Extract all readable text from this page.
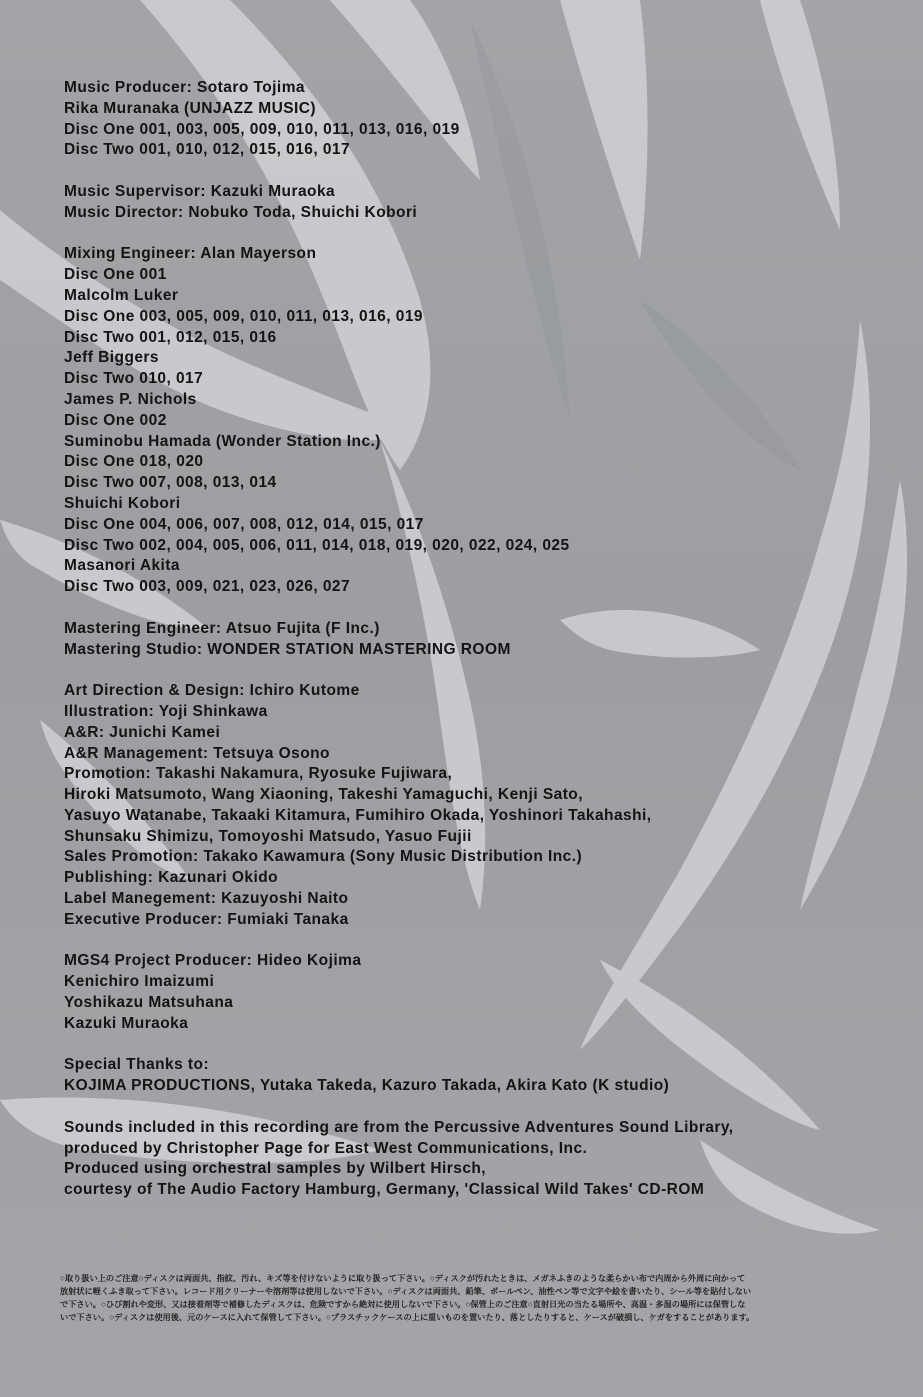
Music Producer: Sotaro Tojima
Rika Muranaka (UNJAZZ MUSIC)
Disc One 001, 003, 005, 009, 010, 011, 013, 016, 019
Disc Two 001, 010, 012, 015, 016, 017
Music Supervisor: Kazuki Muraoka
Music Director: Nobuko Toda, Shuichi Kobori
Mixing Engineer: Alan Mayerson
Disc One 001
Malcolm Luker
Disc One 003, 005, 009, 010, 011, 013, 016, 019
Disc Two 001, 012, 015, 016
Jeff Biggers
Disc Two 010, 017
James P. Nichols
Disc One 002
Suminobu Hamada (Wonder Station Inc.)
Disc One 018, 020
Disc Two 007, 008, 013, 014
Shuichi Kobori
Disc One 004, 006, 007, 008, 012, 014, 015, 017
Disc Two 002, 004, 005, 006, 011, 014, 018, 019, 020, 022, 024, 025
Masanori Akita
Disc Two 003, 009, 021, 023, 026, 027
Mastering Engineer: Atsuo Fujita (F Inc.)
Mastering Studio: WONDER STATION MASTERING ROOM
Art Direction & Design: Ichiro Kutome
Illustration: Yoji Shinkawa
A&R: Junichi Kamei
A&R Management: Tetsuya Osono
Promotion: Takashi Nakamura, Ryosuke Fujiwara,
Hiroki Matsumoto, Wang Xiaoning, Takeshi Yamaguchi, Kenji Sato,
Yasuyo Watanabe, Takaaki Kitamura, Fumihiro Okada, Yoshinori Takahashi,
Shunsaku Shimizu, Tomoyoshi Matsudo, Yasuo Fujii
Sales Promotion: Takako Kawamura (Sony Music Distribution Inc.)
Publishing: Kazunari Okido
Label Manegement: Kazuyoshi Naito
Executive Producer: Fumiaki Tanaka
MGS4 Project Producer: Hideo Kojima
Kenichiro Imaizumi
Yoshikazu Matsuhana
Kazuki Muraoka
Special Thanks to:
KOJIMA PRODUCTIONS, Yutaka Takeda, Kazuro Takada, Akira Kato (K studio)
Sounds included in this recording are from the Percussive Adventures Sound Library,
produced by Christopher Page for East West Communications, Inc.
Produced using orchestral samples by Wilbert Hirsch,
courtesy of The Audio Factory Hamburg, Germany, 'Classical Wild Takes' CD-ROM
○取り扱い上のご注意○ディスクは両面共、指紋、汚れ、キズ等を付けないように取り扱って下さい。○ディスクが汚れたときは、メガネふきのような柔らかい布で内周から外周に向かって
放射状に軽くふき取って下さい。レコード用クリーナーや溶剤等は使用しないで下さい。○ディスクは両面共、鉛筆、ボールペン、油性ペン等で文字や絵を書いたり、シール等を貼付しない
で下さい。○ひび割れや変形、又は接着剤等で補修したディスクは、危険ですから絶対に使用しないで下さい。○保管上のご注意○直射日光の当たる場所や、高温・多湿の場所には保管しな
いで下さい。○ディスクは使用後、元のケースに入れて保管して下さい。○プラスチックケースの上に重いものを置いたり、落としたりすると、ケースが破損し、ケガをすることがあります。
